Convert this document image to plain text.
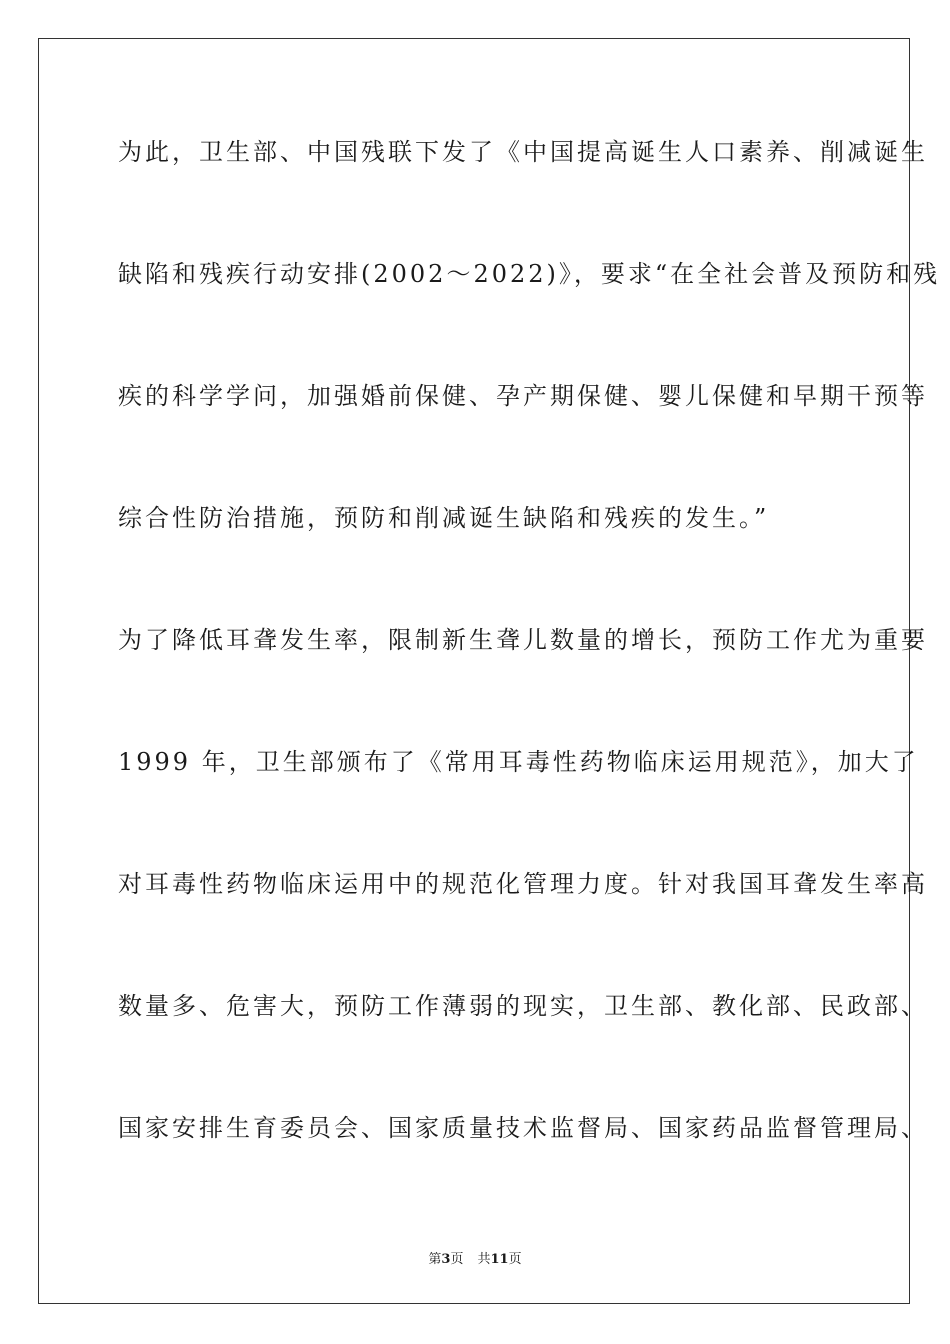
为此，卫生部、中国残联下发了《中国提高诞生人口素养、削减诞生
缺陷和残疾行动安排(2002～2022)》，要求“在全社会普及预防和残
疾的科学学问，加强婚前保健、孕产期保健、婴儿保健和早期干预等
综合性防治措施，预防和削减诞生缺陷和残疾的发生。”
为了降低耳聋发生率，限制新生聋儿数量的增长，预防工作尤为重要
1999 年，卫生部颁布了《常用耳毒性药物临床运用规范》，加大了
对耳毒性药物临床运用中的规范化管理力度。针对我国耳聋发生率高
数量多、危害大，预防工作薄弱的现实，卫生部、教化部、民政部、
国家安排生育委员会、国家质量技术监督局、国家药品监督管理局、
第3页 共11页
